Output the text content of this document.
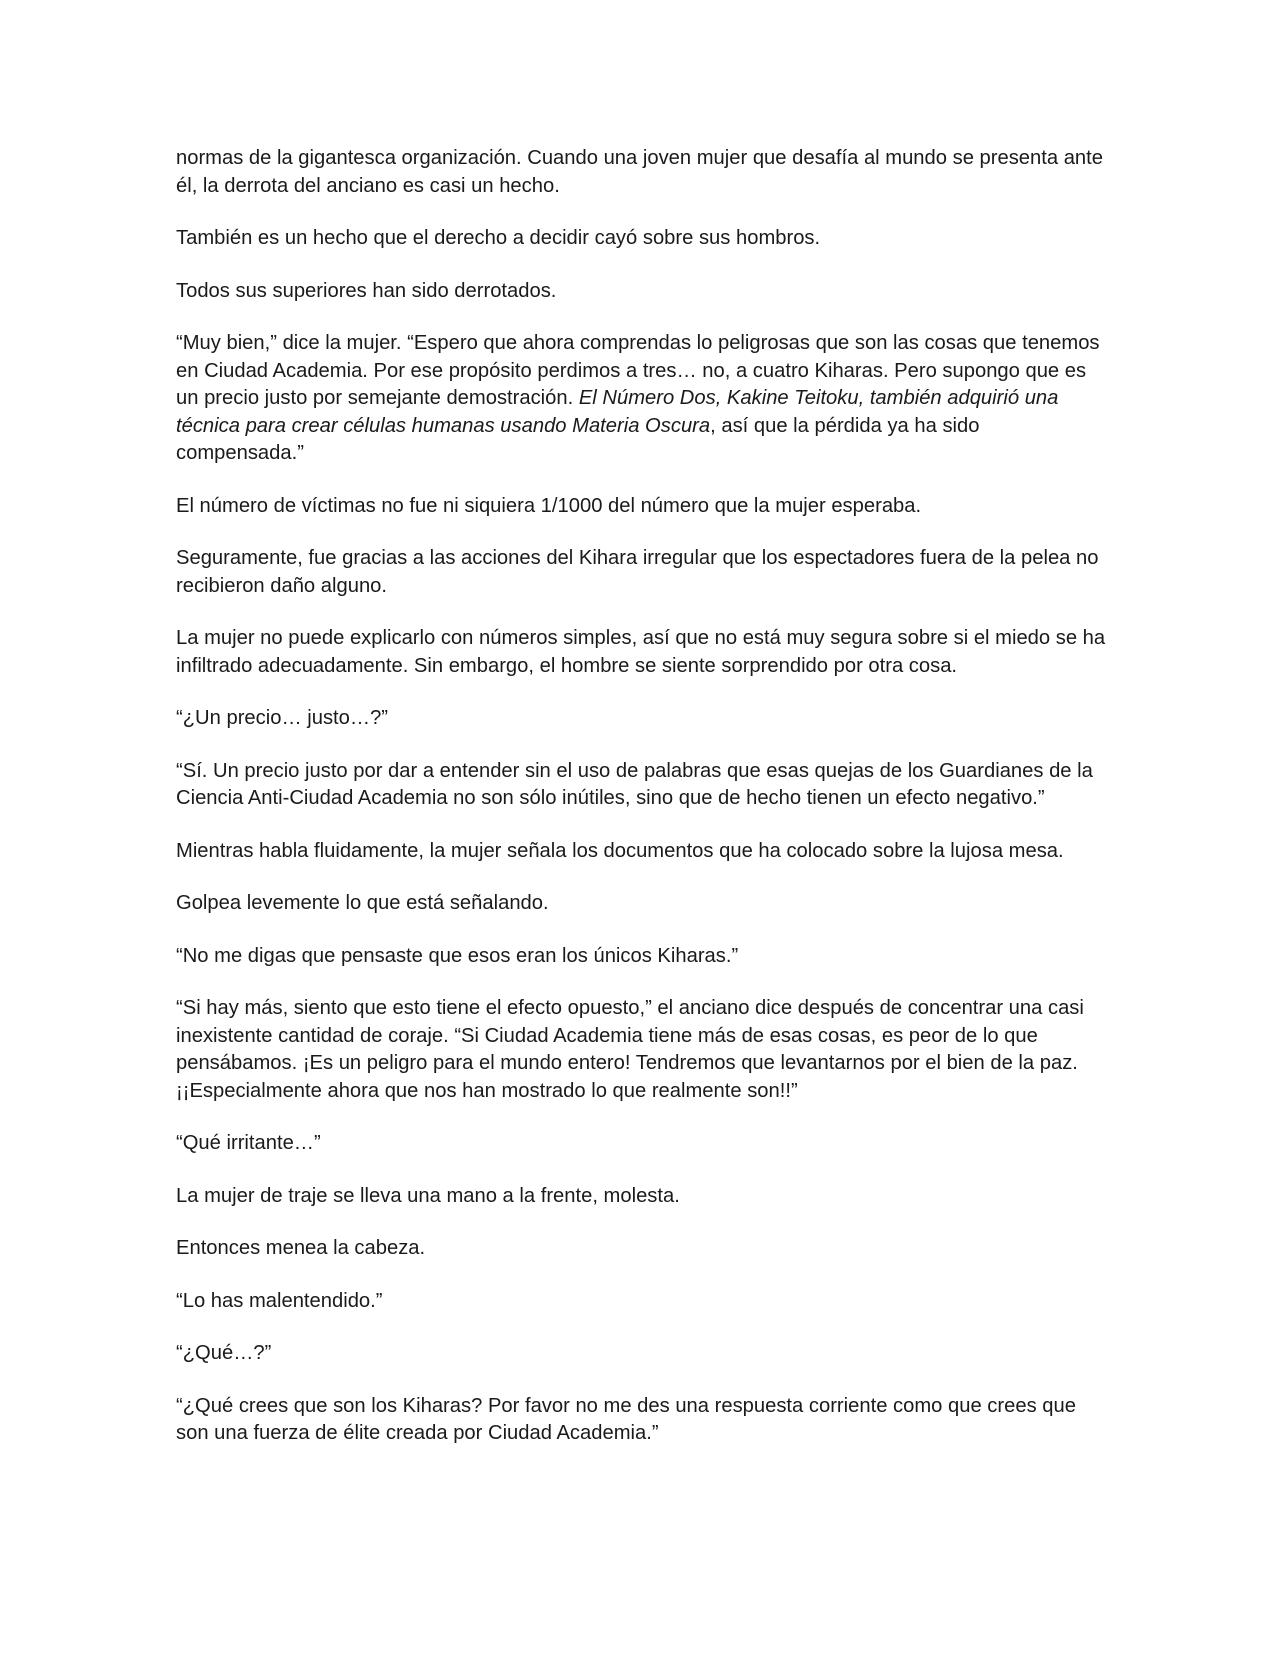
normas de la gigantesca organización. Cuando una joven mujer que desafía al mundo se presenta ante él, la derrota del anciano es casi un hecho.

También es un hecho que el derecho a decidir cayó sobre sus hombros.

Todos sus superiores han sido derrotados.

“Muy bien,” dice la mujer. “Espero que ahora comprendas lo peligrosas que son las cosas que tenemos en Ciudad Academia. Por ese propósito perdimos a tres… no, a cuatro Kiharas. Pero supongo que es un precio justo por semejante demostración. El Número Dos, Kakine Teitoku, también adquirió una técnica para crear células humanas usando Materia Oscura, así que la pérdida ya ha sido compensada.”

El número de víctimas no fue ni siquiera 1/1000 del número que la mujer esperaba.

Seguramente, fue gracias a las acciones del Kihara irregular que los espectadores fuera de la pelea no recibieron daño alguno.

La mujer no puede explicarlo con números simples, así que no está muy segura sobre si el miedo se ha infiltrado adecuadamente. Sin embargo, el hombre se siente sorprendido por otra cosa.

“¿Un precio… justo…?”

“Sí. Un precio justo por dar a entender sin el uso de palabras que esas quejas de los Guardianes de la Ciencia Anti-Ciudad Academia no son sólo inútiles, sino que de hecho tienen un efecto negativo.”

Mientras habla fluidamente, la mujer señala los documentos que ha colocado sobre la lujosa mesa.

Golpea levemente lo que está señalando.

“No me digas que pensaste que esos eran los únicos Kiharas.”

“Si hay más, siento que esto tiene el efecto opuesto,” el anciano dice después de concentrar una casi inexistente cantidad de coraje. “Si Ciudad Academia tiene más de esas cosas, es peor de lo que pensábamos. ¡Es un peligro para el mundo entero! Tendremos que levantarnos por el bien de la paz. ¡¡Especialmente ahora que nos han mostrado lo que realmente son!!”

“Qué irritante…”

La mujer de traje se lleva una mano a la frente, molesta.

Entonces menea la cabeza.

“Lo has malentendido.”

“¿Qué…?”

“¿Qué crees que son los Kiharas? Por favor no me des una respuesta corriente como que crees que son una fuerza de élite creada por Ciudad Academia.”
